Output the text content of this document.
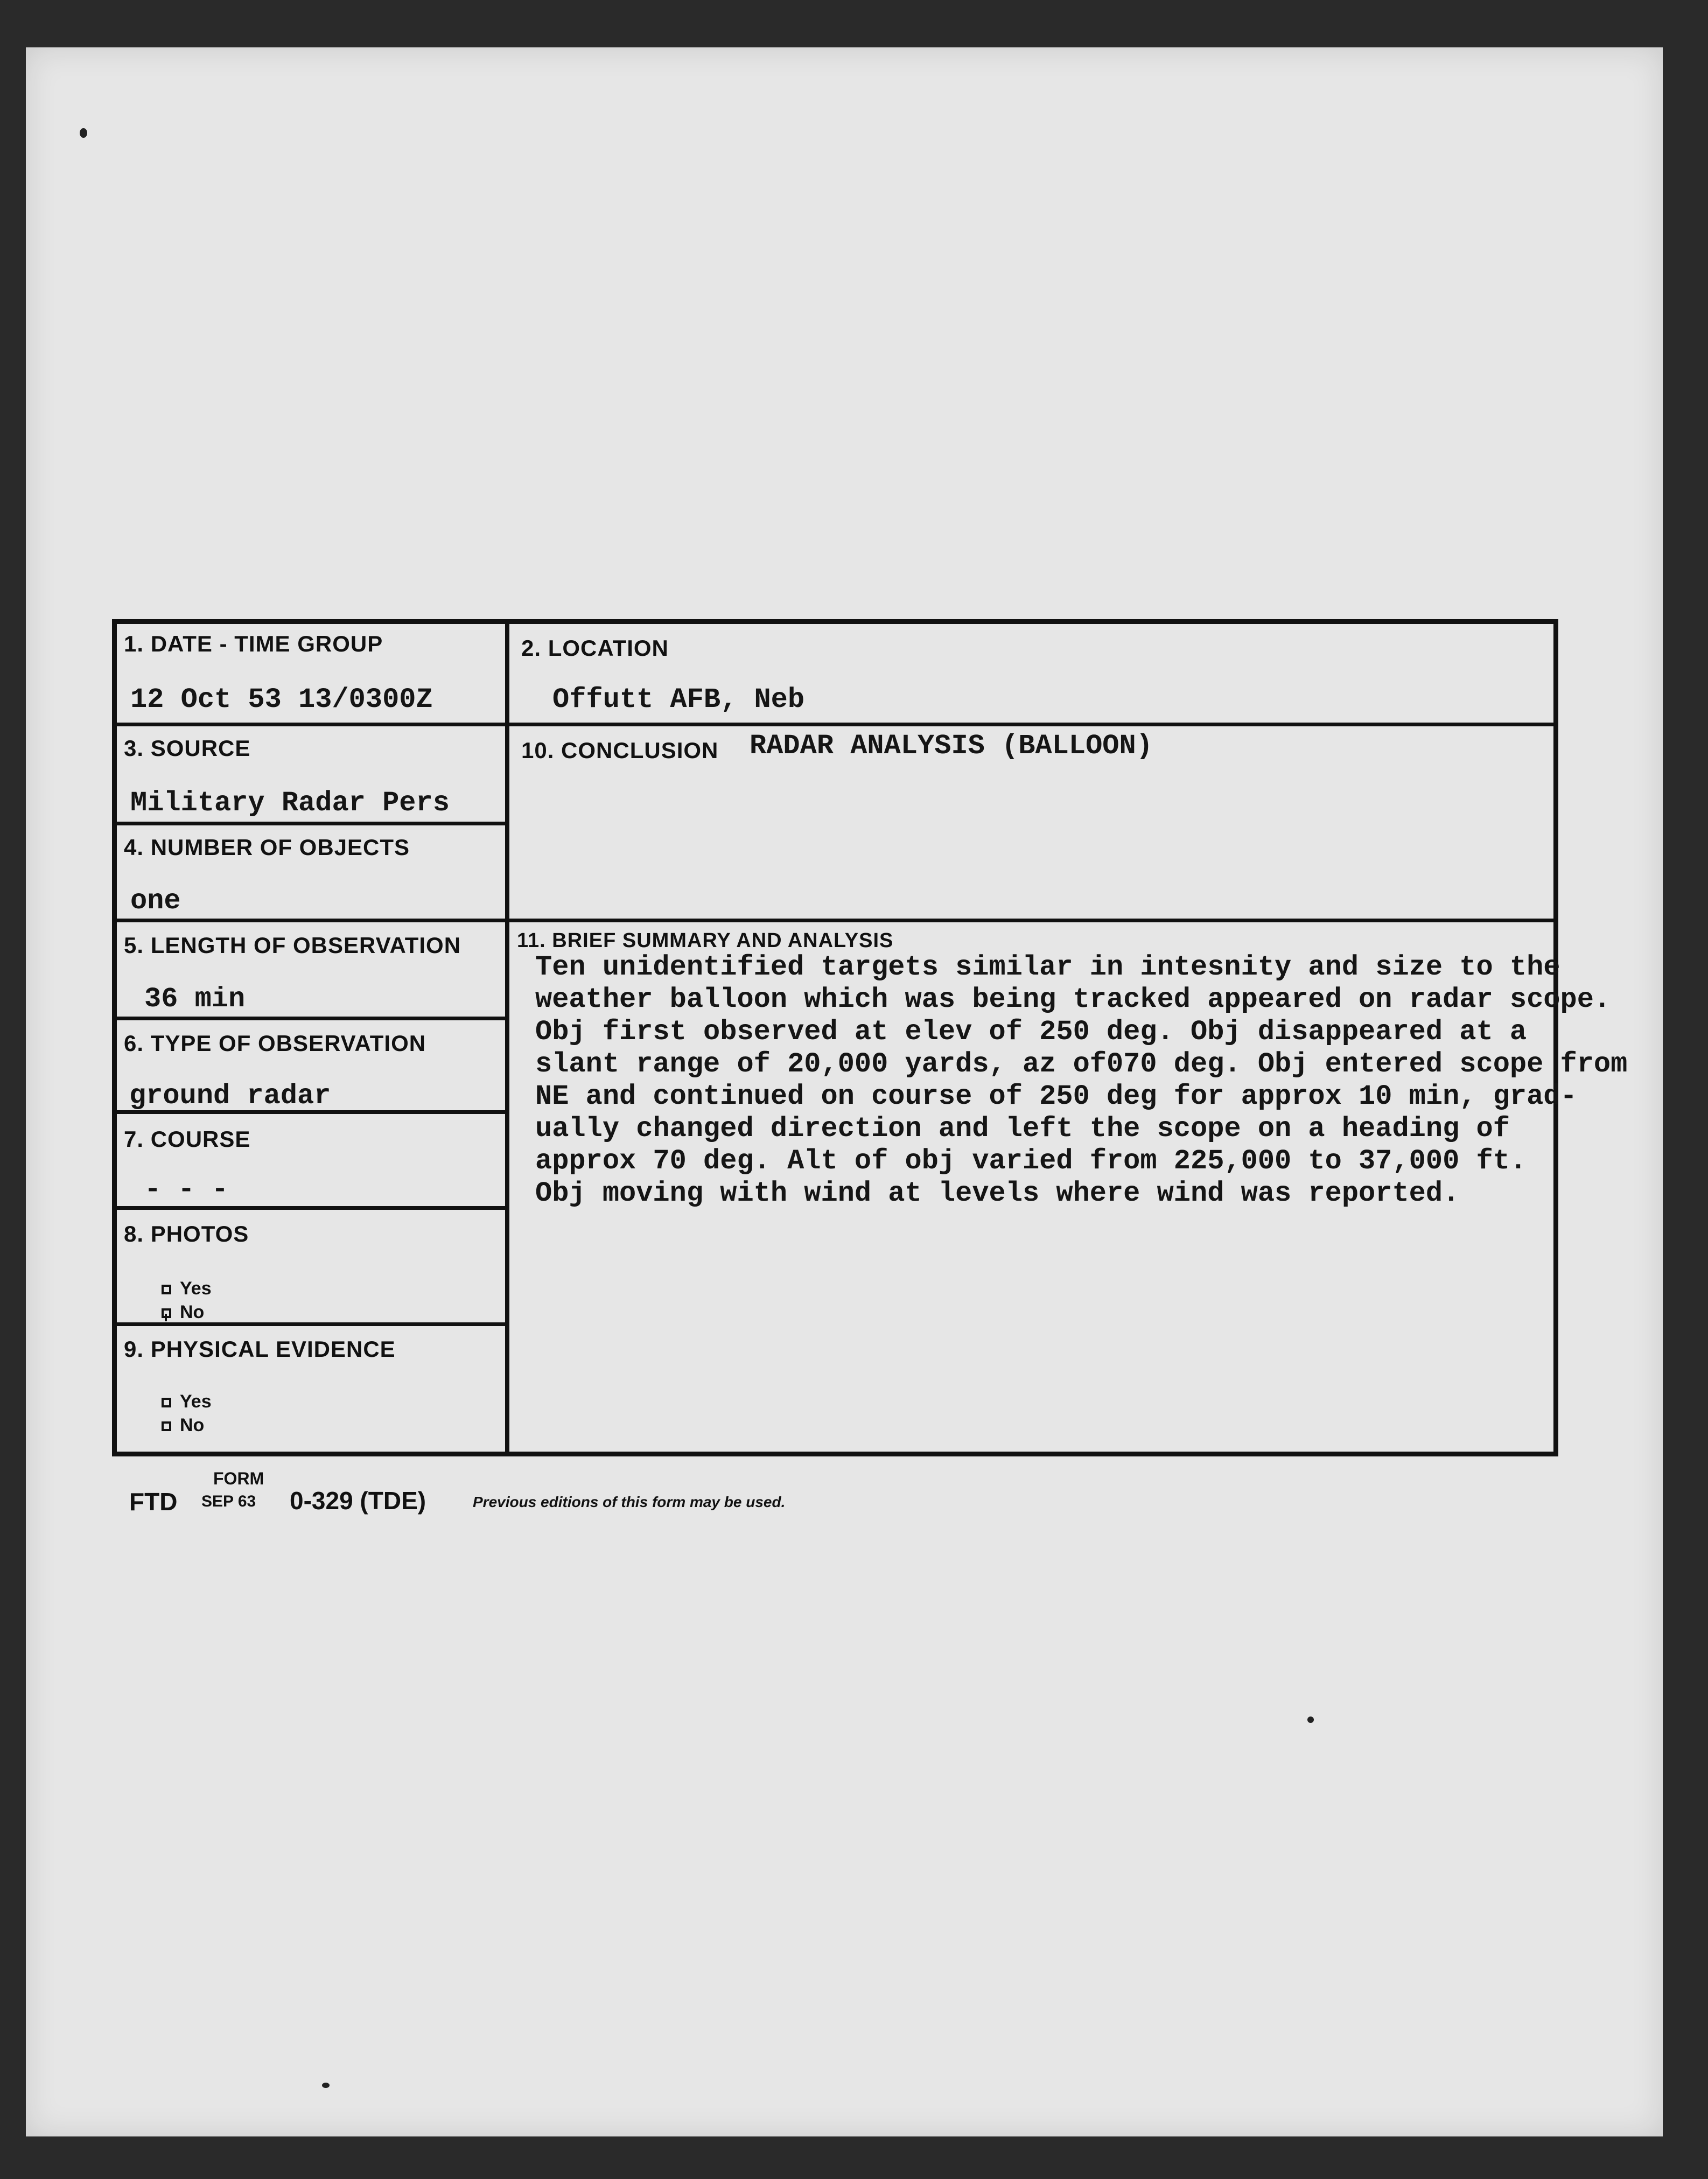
1. DATE - TIME GROUP
12 Oct 53 13/0300Z
2. LOCATION
Offutt AFB, Neb
3. SOURCE
Military Radar Pers
10. CONCLUSION RADAR ANALYSIS (BALLOON)
4. NUMBER OF OBJECTS
one
5. LENGTH OF OBSERVATION
36 min
11. BRIEF SUMMARY AND ANALYSIS
Ten unidentified targets similar in intesnity and size to the
weather balloon which was being tracked appeared on radar scope.
Obj first observed at elev of 250 deg. Obj disappeared at a
slant range of 20,000 yards, az of070 deg. Obj entered scope from
NE and continued on course of 250 deg for approx 10 min, grad-
ually changed direction and left the scope on a heading of
approx 70 deg. Alt of obj varied from 225,000 to 37,000 ft.
Obj moving with wind at levels where wind was reported.
6. TYPE OF OBSERVATION
ground radar
7. COURSE
- - -
8. PHOTOS
Yes
No
9. PHYSICAL EVIDENCE
Yes
No
FTD
FORM
SEP 63 0-329 (TDE)	Previous editions of this form may be used.
